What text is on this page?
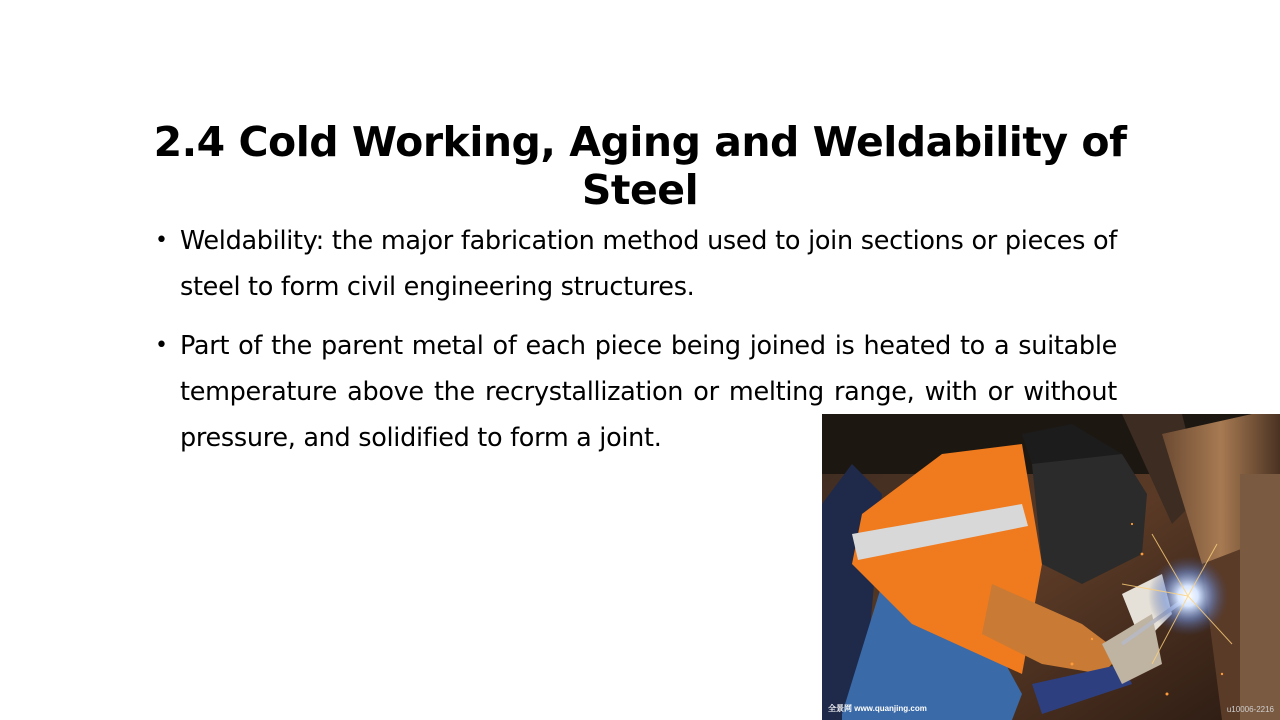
2.4 Cold Working, Aging and Weldability of Steel
• Weldability: the major fabrication method used to join sections or pieces of steel to form civil engineering structures.
• Part of the parent metal of each piece being joined is heated to a suitable temperature above the recrystallization or melting range, with or without pressure, and solidified to form a joint.
全景网 www.quanjing.com	u10006-2216
